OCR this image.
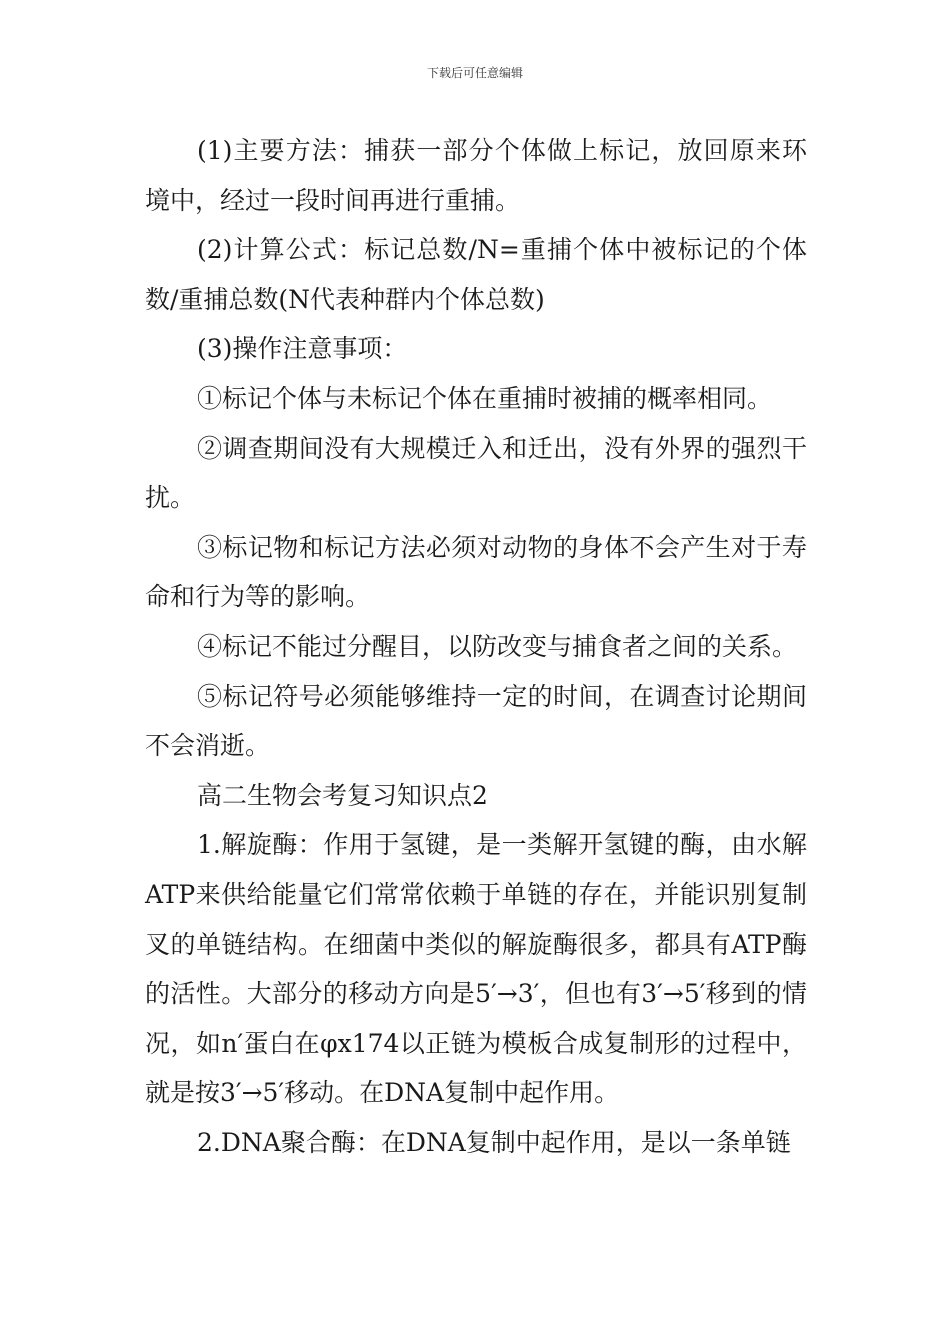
下载后可任意编辑

(1)主要方法：捕获一部分个体做上标记，放回原来环境中，经过一段时间再进行重捕。

(2)计算公式：标记总数/N=重捕个体中被标记的个体数/重捕总数(N代表种群内个体总数)

(3)操作注意事项：

①标记个体与未标记个体在重捕时被捕的概率相同。

②调查期间没有大规模迁入和迁出，没有外界的强烈干扰。

③标记物和标记方法必须对动物的身体不会产生对于寿命和行为等的影响。

④标记不能过分醒目，以防改变与捕食者之间的关系。

⑤标记符号必须能够维持一定的时间，在调查讨论期间不会消逝。

高二生物会考复习知识点2

1.解旋酶：作用于氢键，是一类解开氢键的酶，由水解ATP来供给能量它们常常依赖于单链的存在，并能识别复制叉的单链结构。在细菌中类似的解旋酶很多，都具有ATP酶的活性。大部分的移动方向是5′→3′，但也有3′→5′移到的情况，如n′蛋白在φx174以正链为模板合成复制形的过程中，就是按3′→5′移动。在DNA复制中起作用。

2.DNA聚合酶：在DNA复制中起作用，是以一条单链
